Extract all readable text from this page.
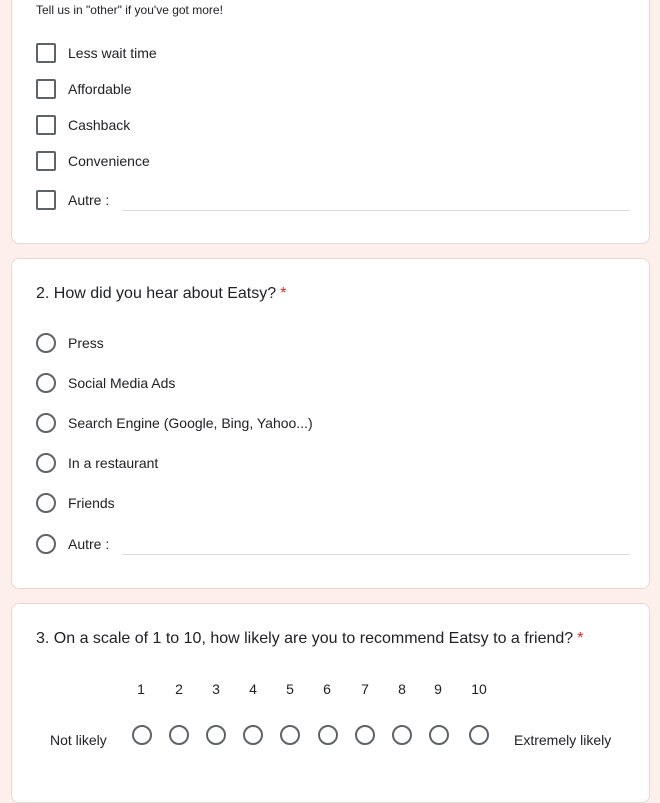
Tell us in "other" if you've got more!
Less wait time
Affordable
Cashback
Convenience
Autre :
2. How did you hear about Eatsy? *
Press
Social Media Ads
Search Engine (Google, Bing, Yahoo...)
In a restaurant
Friends
Autre :
3. On a scale of 1 to 10, how likely are you to recommend Eatsy to a friend? *
Not likely
1	2	3	4	5	6	7	8	9	10
Extremely likely
